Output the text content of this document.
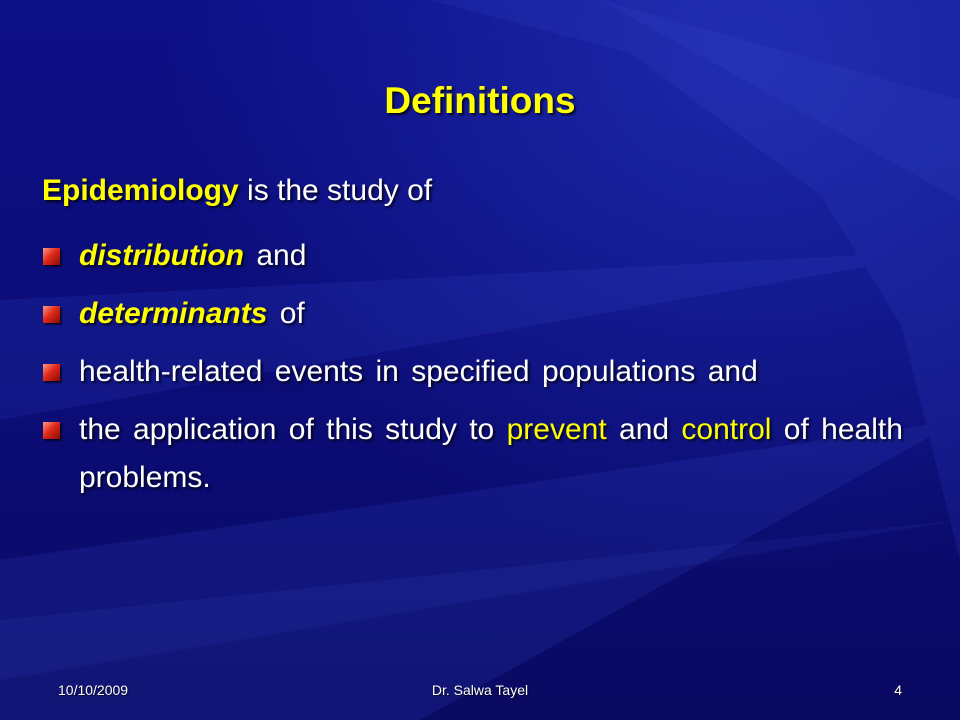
Definitions
Epidemiology is the study of
distribution and
determinants of
health-related events in specified populations and
the application of this study to prevent and control of health problems.
10/10/2009	Dr. Salwa Tayel	4
